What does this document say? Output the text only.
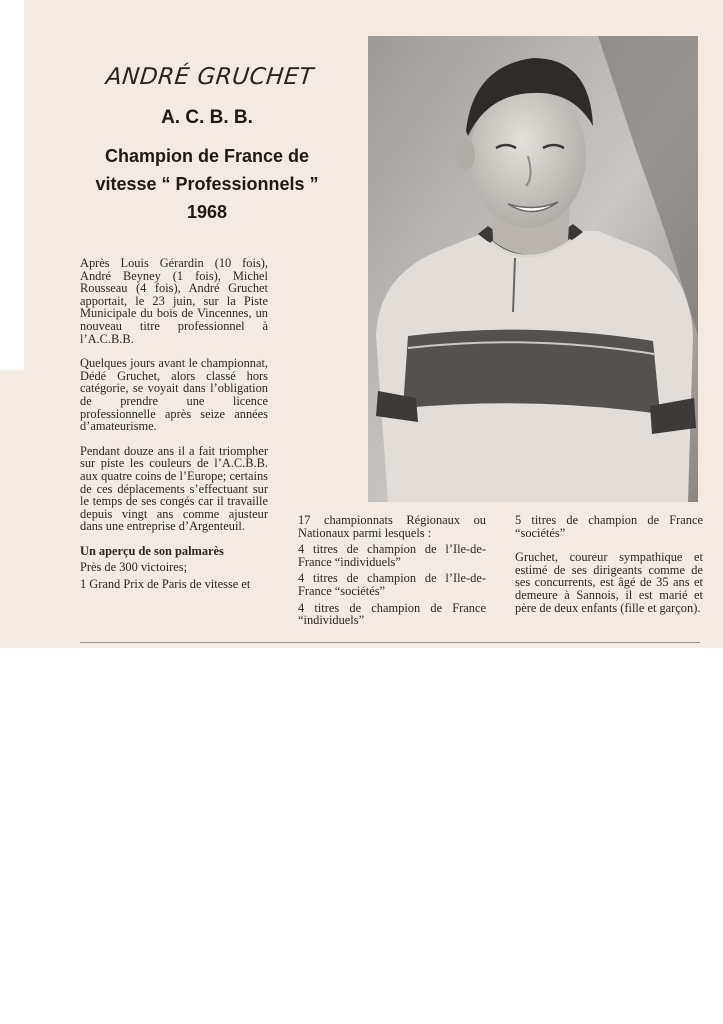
ANDRÉ GRUCHET
A. C. B. B.
Champion de France de
vitesse “ Professionnels ”
1968

Après Louis Gérardin (10 fois), André Beyney (1 fois), Michel Rousseau (4 fois), André Gruchet apportait, le 23 juin, sur la Piste Municipale du bois de Vincennes, un nouveau titre professionnel à l’A.C.B.B.

Quelques jours avant le championnat, Dédé Gruchet, alors classé hors catégorie, se voyait dans l’obligation de prendre une licence professionnelle après seize années d’amateurisme.

Pendant douze ans il a fait triompher sur piste les couleurs de l’A.C.B.B. aux quatre coins de l’Europe; certains de ces déplacements s’effectuant sur le temps de ses congés car il travaille depuis vingt ans comme ajusteur dans une entreprise d’Argenteuil.

Un aperçu de son palmarès

Près de 300 victoires;

1 Grand Prix de Paris de vitesse et

17 championnats Régionaux ou Nationaux parmi lesquels :

4 titres de champion de l’Ile-de-France “individuels”

4 titres de champion de l’Ile-de-France “sociétés”

4 titres de champion de France “individuels”

5 titres de champion de France “sociétés”

Gruchet, coureur sympathique et estimé de ses dirigeants comme de ses concurrents, est âgé de 35 ans et demeure à Sannois, il est marié et père de deux enfants (fille et garçon).
